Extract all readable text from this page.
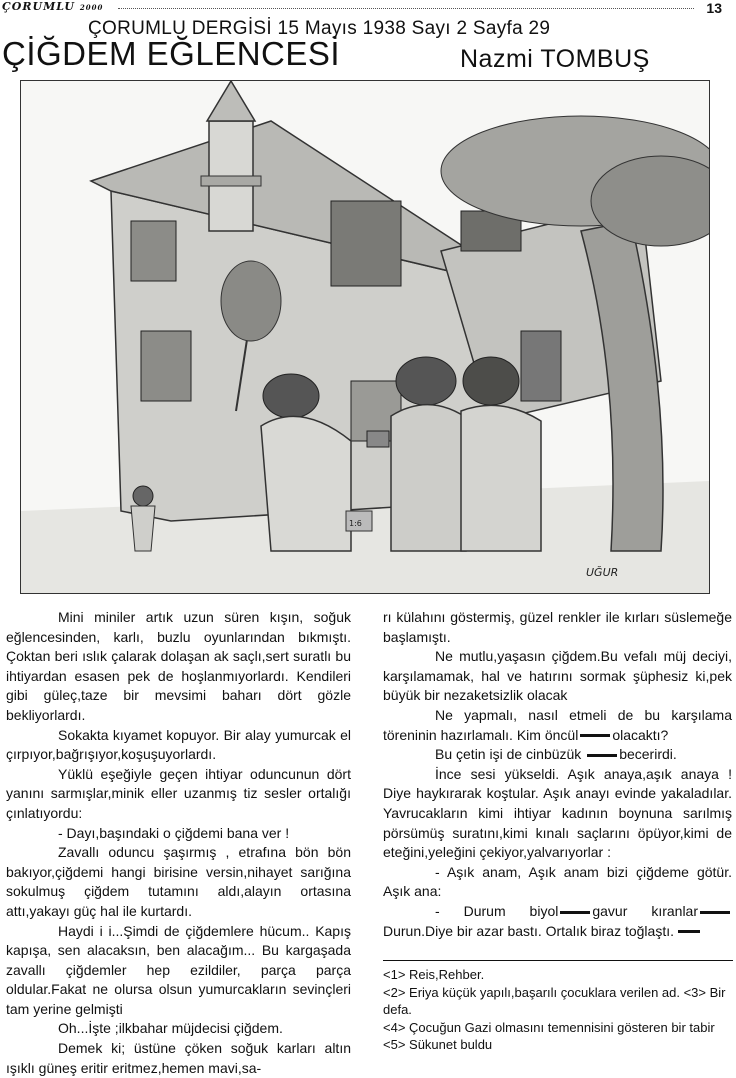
ÇORUMLU 2000	13
ÇORUMLU DERGİSİ 15 Mayıs 1938 Sayı 2 Sayfa 29
ÇİĞDEM EĞLENCESİ	Nazmi TOMBUŞ
1:6
UĞUR

Mini miniler artık uzun süren kışın, soğuk eğlencesinden, karlı, buzlu oyunlarından bıkmıştı. Çoktan beri ıslık çalarak dolaşan ak saçlı,sert suratlı bu ihtiyardan esasen pek de hoşlanmıyorlardı. Kendileri gibi güleç,taze bir mevsimi baharı dört gözle bekliyorlardı.

Sokakta kıyamet kopuyor. Bir alay yumurcak el çırpıyor,bağrışıyor,koşuşuyorlardı.

Yüklü eşeğiyle geçen ihtiyar oduncunun dört yanını sarmışlar,minik eller uzanmış tiz sesler ortalığı çınlatıyordu:

- Dayı,başındaki o çiğdemi bana ver !

Zavallı oduncu şaşırmış , etrafına bön bön bakıyor,çiğdemi hangi birisine versin,nihayet sarığına sokulmuş çiğdem tutamını aldı,alayın ortasına attı,yakayı güç hal ile kurtardı.

Haydi i i...Şimdi de çiğdemlere hücum.. Kapış kapışa, sen alacaksın, ben alacağım... Bu kargaşada zavallı çiğdemler hep ezildiler, parça parça oldular.Fakat ne olursa olsun yumurcakların sevinçleri tam yerine gelmişti

Oh...İşte ;ilkbahar müjdecisi çiğdem.

Demek ki; üstüne çöken soğuk karları altın ışıklı güneş eritir eritmez,hemen mavi,sa-

rı külahını göstermiş, güzel renkler ile kırları süslemeğe başlamıştı.

Ne mutlu,yaşasın çiğdem.Bu vefalı müj deciyi, karşılamamak, hal ve hatırını sormak şüphesiz ki,pek büyük bir nezaketsizlik olacak

Ne yapmalı, nasıl etmeli de bu karşılama töreninin hazırlamalı. Kim öncül olacaktı?

Bu çetin işi de cinbüzük	becerirdi.

İnce sesi yükseldi. Aşık anaya,aşık anaya ! Diye haykırarak koştular. Aşık anayı evinde yakaladılar. Yavrucakların kimi ihtiyar kadının boynuna sarılmış pörsümüş suratını,kimi kınalı saçlarını öpüyor,kimi de eteğini,yeleğini çekiyor,yalvarıyorlar :

- Aşık anam, Aşık anam bizi çiğdeme götür. Aşık ana:

- Durum biyol gavur kıranlarDurun.Diye bir azar bastı. Ortalık biraz toğlaştı.

<1> Reis,Rehber.

<2> Eriya küçük yapılı,başarılı çocuklara verilen ad. <3> Bir defa.

<4> Çocuğun Gazi olmasını temennisini gösteren bir tabir

<5> Sükunet buldu
